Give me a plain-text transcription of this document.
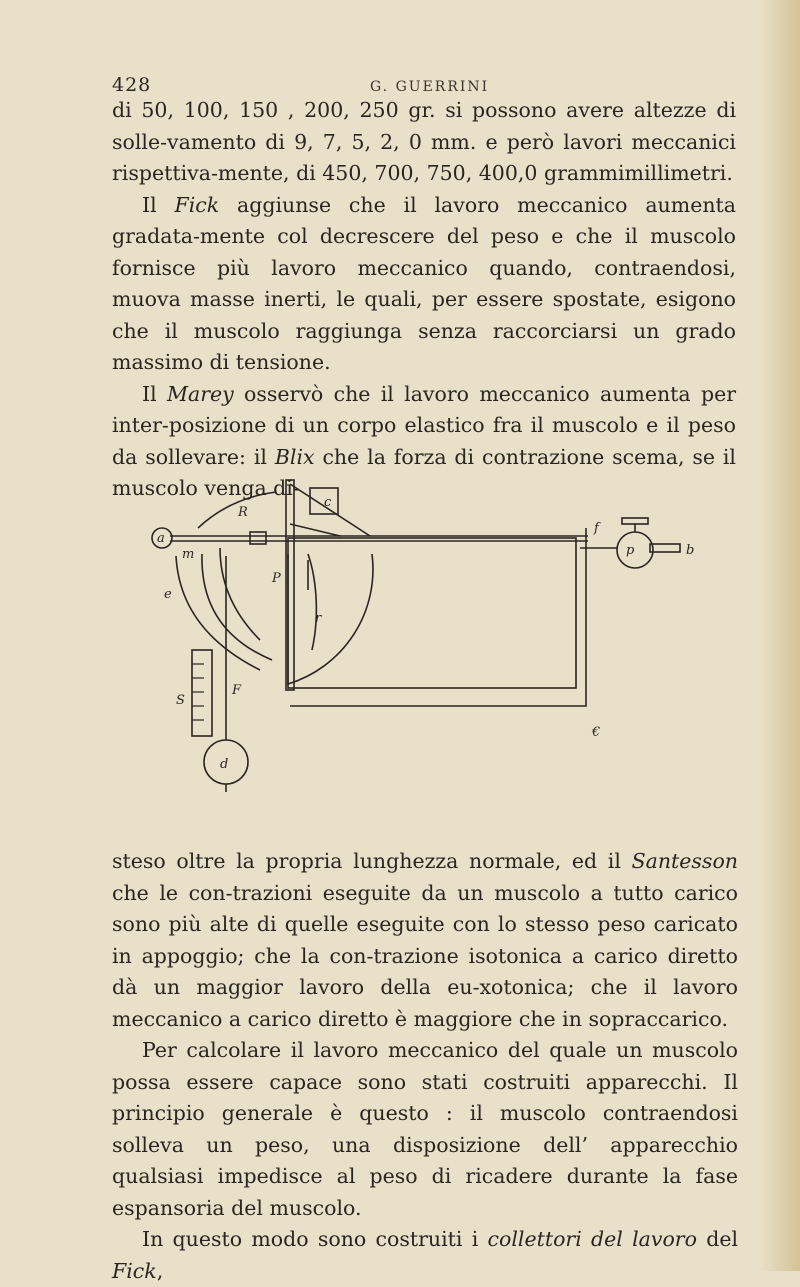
428	G. GUERRINI

di 50, 100, 150 , 200, 250 gr. si possono avere altezze di solle-vamento di 9, 7, 5, 2, 0 mm. e però lavori meccanici rispettiva-mente, di 450, 700, 750, 400,0 grammimillimetri.

Il Fick aggiunse che il lavoro meccanico aumenta gradata-mente col decrescere del peso e che il muscolo fornisce più lavoro meccanico quando, contraendosi, muova masse inerti, le quali, per essere spostate, esigono che il muscolo raggiunga senza raccorciarsi un grado massimo di tensione.

Il Marey osservò che il lavoro meccanico aumenta per inter-posizione di un corpo elastico fra il muscolo e il peso da sollevare: il Blix che la forza di contrazione scema, se il muscolo venga di-

a
R
c
m
e
P
r
F
S
d
f
p	b
€

steso oltre la propria lunghezza normale, ed il Santesson che le con-trazioni eseguite da un muscolo a tutto carico sono più alte di quelle eseguite con lo stesso peso caricato in appoggio; che la con-trazione isotonica a carico diretto dà un maggior lavoro della eu-xotonica; che il lavoro meccanico a carico diretto è maggiore che in sopraccarico.

Per calcolare il lavoro meccanico del quale un muscolo possa essere capace sono stati costruiti apparecchi. Il principio generale è questo : il muscolo contraendosi solleva un peso, una disposizione dell’ apparecchio qualsiasi impedisce al peso di ricadere durante la fase espansoria del muscolo.

In questo modo sono costruiti i collettori del lavoro del Fick,
